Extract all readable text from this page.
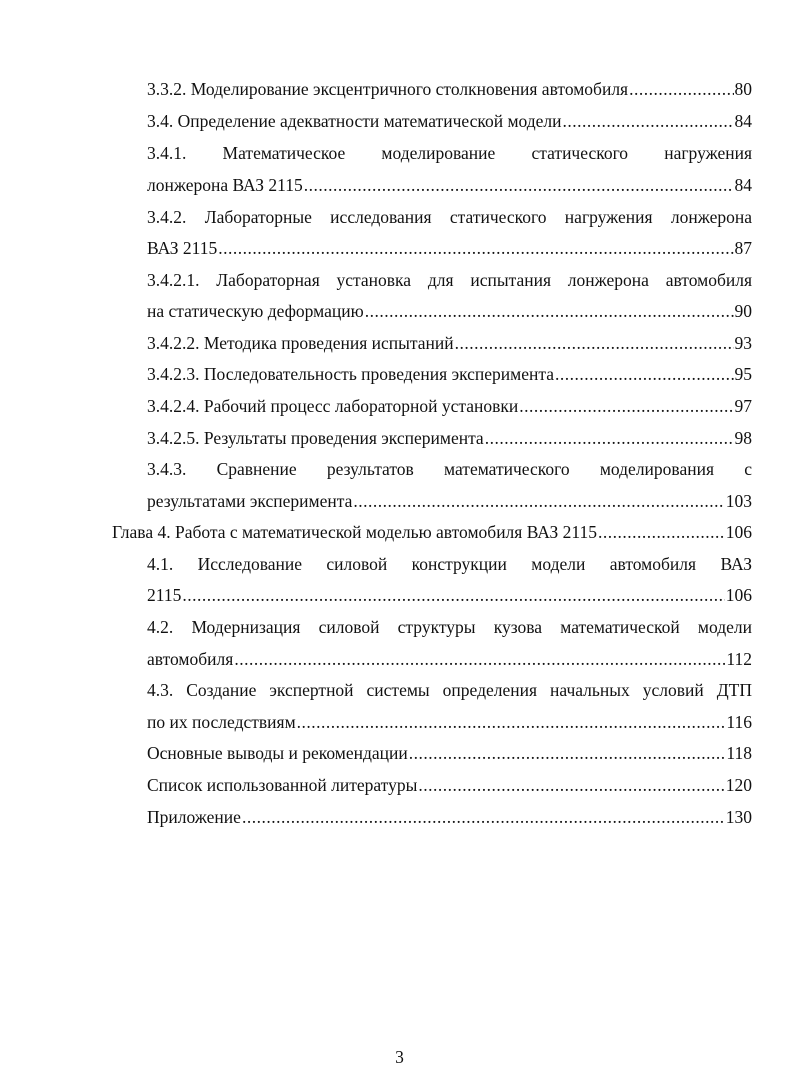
3.3.2. Моделирование эксцентричного столкновения автомобиля .....	80
3.4. Определение адекватности математической модели .....	84
3.4.1. Математическое моделирование статического нагружения
лонжерона ВАЗ 2115 .....	84
3.4.2. Лабораторные исследования статического нагружения лонжерона
ВАЗ 2115 .....	87
3.4.2.1. Лабораторная установка для испытания лонжерона автомобиля
на статическую деформацию .....	90
3.4.2.2. Методика проведения испытаний .....	93
3.4.2.3. Последовательность проведения эксперимента .....	95
3.4.2.4. Рабочий процесс лабораторной установки .....	97
3.4.2.5. Результаты проведения эксперимента .....	98
3.4.3. Сравнение результатов математического моделирования с
результатами эксперимента .....	103
Глава 4. Работа с математической моделью автомобиля ВАЗ 2115 .....	106
4.1. Исследование силовой конструкции модели автомобиля ВАЗ
2115 .....	106
4.2. Модернизация силовой структуры кузова математической модели
автомобиля .....	112
4.3. Создание экспертной системы определения начальных условий ДТП
по их последствиям .....	116
Основные выводы и рекомендации .....	118
Список использованной литературы .....	120
Приложение .....	130
3
